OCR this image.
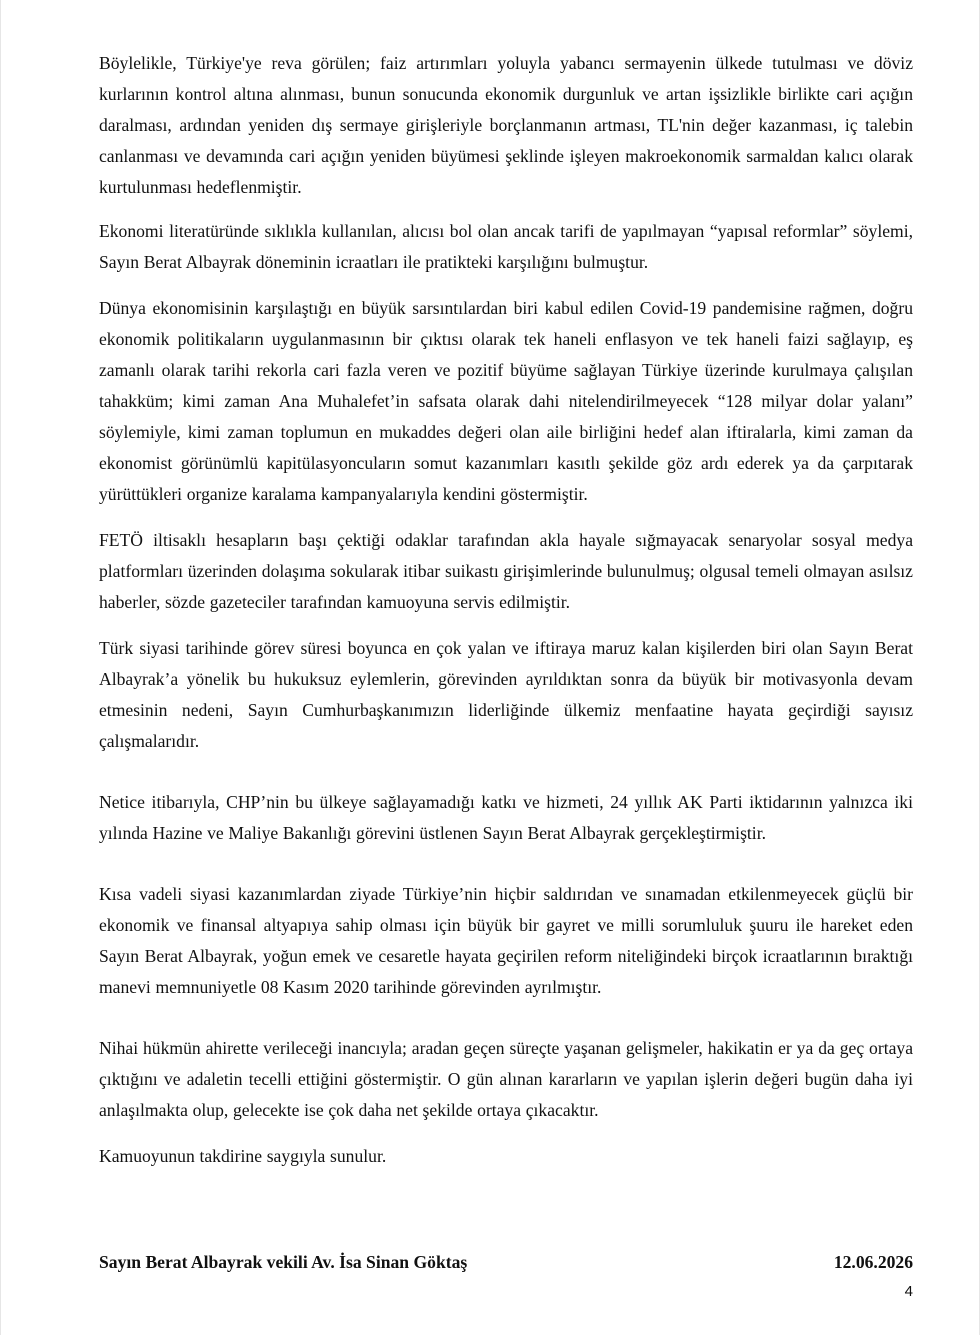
Böylelikle, Türkiye'ye reva görülen; faiz artırımları yoluyla yabancı sermayenin ülkede tutulması ve döviz kurlarının kontrol altına alınması, bunun sonucunda ekonomik durgunluk ve artan işsizlikle birlikte cari açığın daralması, ardından yeniden dış sermaye girişleriyle borçlanmanın artması, TL'nin değer kazanması, iç talebin canlanması ve devamında cari açığın yeniden büyümesi şeklinde işleyen makroekonomik sarmaldan kalıcı olarak kurtulunması hedeflenmiştir.

Ekonomi literatüründe sıklıkla kullanılan, alıcısı bol olan ancak tarifi de yapılmayan “yapısal reformlar” söylemi, Sayın Berat Albayrak döneminin icraatları ile pratikteki karşılığını bulmuştur.

Dünya ekonomisinin karşılaştığı en büyük sarsıntılardan biri kabul edilen Covid-19 pandemisine rağmen, doğru ekonomik politikaların uygulanmasının bir çıktısı olarak tek haneli enflasyon ve tek haneli faizi sağlayıp, eş zamanlı olarak tarihi rekorla cari fazla veren ve pozitif büyüme sağlayan Türkiye üzerinde kurulmaya çalışılan tahakküm; kimi zaman Ana Muhalefet’in safsata olarak dahi nitelendirilmeyecek “128 milyar dolar yalanı” söylemiyle, kimi zaman toplumun en mukaddes değeri olan aile birliğini hedef alan iftiralarla, kimi zaman da ekonomist görünümlü kapitülasyoncuların somut kazanımları kasıtlı şekilde göz ardı ederek ya da çarpıtarak yürüttükleri organize karalama kampanyalarıyla kendini göstermiştir.

FETÖ iltisaklı hesapların başı çektiği odaklar tarafından akla hayale sığmayacak senaryolar sosyal medya platformları üzerinden dolaşıma sokularak itibar suikastı girişimlerinde bulunulmuş; olgusal temeli olmayan asılsız haberler, sözde gazeteciler tarafından kamuoyuna servis edilmiştir.

Türk siyasi tarihinde görev süresi boyunca en çok yalan ve iftiraya maruz kalan kişilerden biri olan Sayın Berat Albayrak’a yönelik bu hukuksuz eylemlerin, görevinden ayrıldıktan sonra da büyük bir motivasyonla devam etmesinin nedeni, Sayın Cumhurbaşkanımızın liderliğinde ülkemiz menfaatine hayata geçirdiği sayısız çalışmalarıdır.

Netice itibarıyla, CHP’nin bu ülkeye sağlayamadığı katkı ve hizmeti, 24 yıllık AK Parti iktidarının yalnızca iki yılında Hazine ve Maliye Bakanlığı görevini üstlenen Sayın Berat Albayrak gerçekleştirmiştir.

Kısa vadeli siyasi kazanımlardan ziyade Türkiye’nin hiçbir saldırıdan ve sınamadan etkilenmeyecek güçlü bir ekonomik ve finansal altyapıya sahip olması için büyük bir gayret ve milli sorumluluk şuuru ile hareket eden Sayın Berat Albayrak, yoğun emek ve cesaretle hayata geçirilen reform niteliğindeki birçok icraatlarının bıraktığı manevi memnuniyetle 08 Kasım 2020 tarihinde görevinden ayrılmıştır.

Nihai hükmün ahirette verileceği inancıyla; aradan geçen süreçte yaşanan gelişmeler, hakikatin er ya da geç ortaya çıktığını ve adaletin tecelli ettiğini göstermiştir. O gün alınan kararların ve yapılan işlerin değeri bugün daha iyi anlaşılmakta olup, gelecekte ise çok daha net şekilde ortaya çıkacaktır.

Kamuoyunun takdirine saygıyla sunulur.

Sayın Berat Albayrak vekili Av. İsa Sinan Göktaş	12.06.2026
4
